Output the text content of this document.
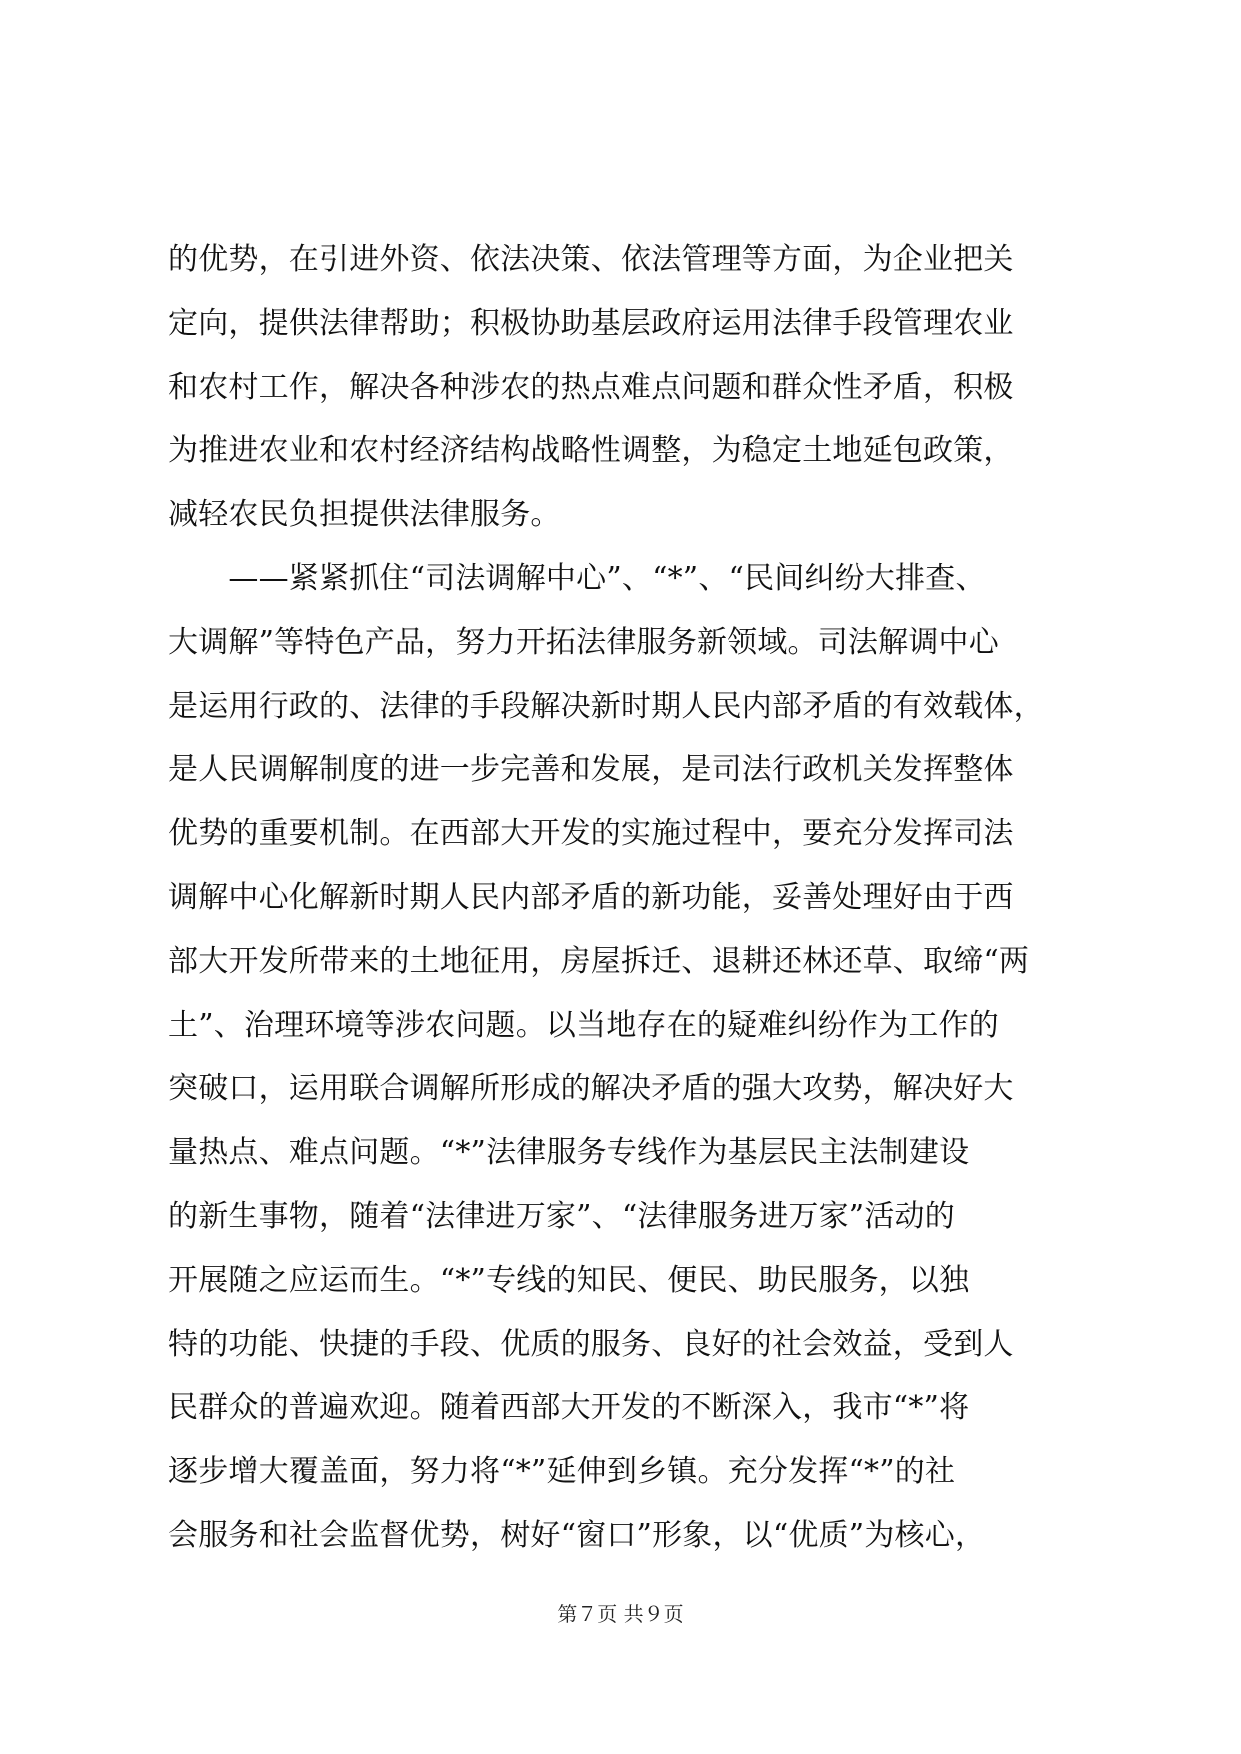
的优势，在引进外资、依法决策、依法管理等方面，为企业把关
定向，提供法律帮助；积极协助基层政府运用法律手段管理农业
和农村工作，解决各种涉农的热点难点问题和群众性矛盾，积极
为推进农业和农村经济结构战略性调整，为稳定土地延包政策，
减轻农民负担提供法律服务。
　　——紧紧抓住“司法调解中心”、“*”、“民间纠纷大排查、
大调解”等特色产品，努力开拓法律服务新领域。司法解调中心
是运用行政的、法律的手段解决新时期人民内部矛盾的有效载体，
是人民调解制度的进一步完善和发展，是司法行政机关发挥整体
优势的重要机制。在西部大开发的实施过程中，要充分发挥司法
调解中心化解新时期人民内部矛盾的新功能，妥善处理好由于西
部大开发所带来的土地征用，房屋拆迁、退耕还林还草、取缔“两
土”、治理环境等涉农问题。以当地存在的疑难纠纷作为工作的
突破口，运用联合调解所形成的解决矛盾的强大攻势，解决好大
量热点、难点问题。“*”法律服务专线作为基层民主法制建设
的新生事物，随着“法律进万家”、“法律服务进万家”活动的
开展随之应运而生。“*”专线的知民、便民、助民服务，以独
特的功能、快捷的手段、优质的服务、良好的社会效益，受到人
民群众的普遍欢迎。随着西部大开发的不断深入，我市“*”将
逐步增大覆盖面，努力将“*”延伸到乡镇。充分发挥“*”的社
会服务和社会监督优势，树好“窗口”形象，以“优质”为核心，
第７页 共９页
